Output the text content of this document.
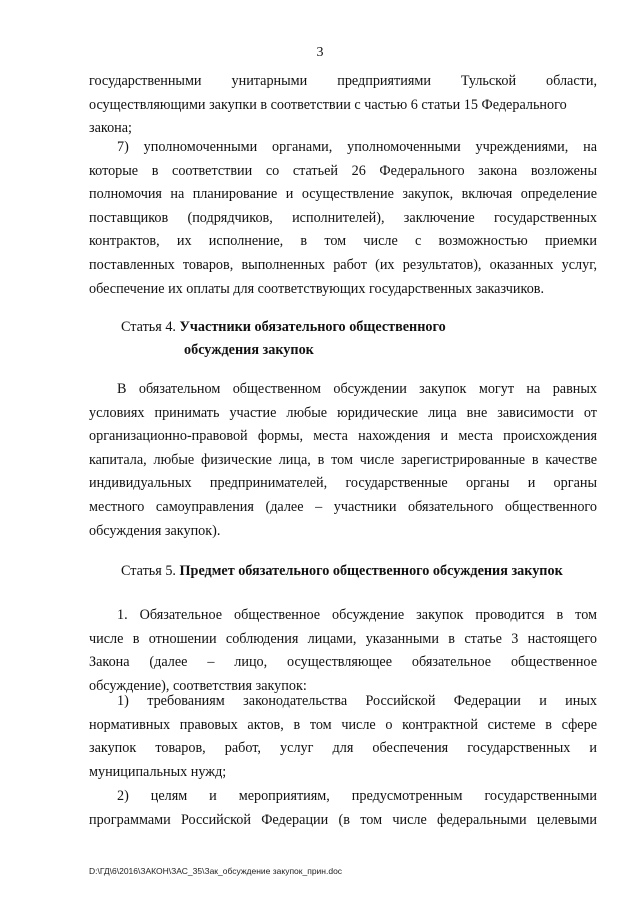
3
государственными унитарными предприятиями Тульской области,
осуществляющими закупки в соответствии с частью 6 статьи 15 Федерального
закона;
7) уполномоченными органами, уполномоченными учреждениями, на
которые в соответствии со статьей 26 Федерального закона возложены
полномочия на планирование и осуществление закупок, включая определение
поставщиков (подрядчиков, исполнителей), заключение государственных
контрактов, их исполнение, в том числе с возможностью приемки
поставленных товаров, выполненных работ (их результатов), оказанных услуг,
обеспечение их оплаты для соответствующих государственных заказчиков.
Статья 4. Участники обязательного общественного
обсуждения закупок
В обязательном общественном обсуждении закупок могут на равных
условиях принимать участие любые юридические лица вне зависимости от
организационно-правовой формы, места нахождения и места происхождения
капитала, любые физические лица, в том числе зарегистрированные в качестве
индивидуальных предпринимателей, государственные органы и органы
местного самоуправления (далее – участники обязательного общественного
обсуждения закупок).
Статья 5. Предмет обязательного общественного обсуждения закупок
1. Обязательное общественное обсуждение закупок проводится в том
числе в отношении соблюдения лицами, указанными в статье 3 настоящего
Закона (далее – лицо, осуществляющее обязательное общественное
обсуждение), соответствия закупок:
1) требованиям законодательства Российской Федерации и иных
нормативных правовых актов, в том числе о контрактной системе в сфере
закупок товаров, работ, услуг для обеспечения государственных и
муниципальных нужд;
2) целям и мероприятиям, предусмотренным государственными
программами Российской Федерации (в том числе федеральными целевыми
D:\ГД\6\2016\ЗАКОН\ЗАС_35\Зак_обсуждение закупок_прин.doc
